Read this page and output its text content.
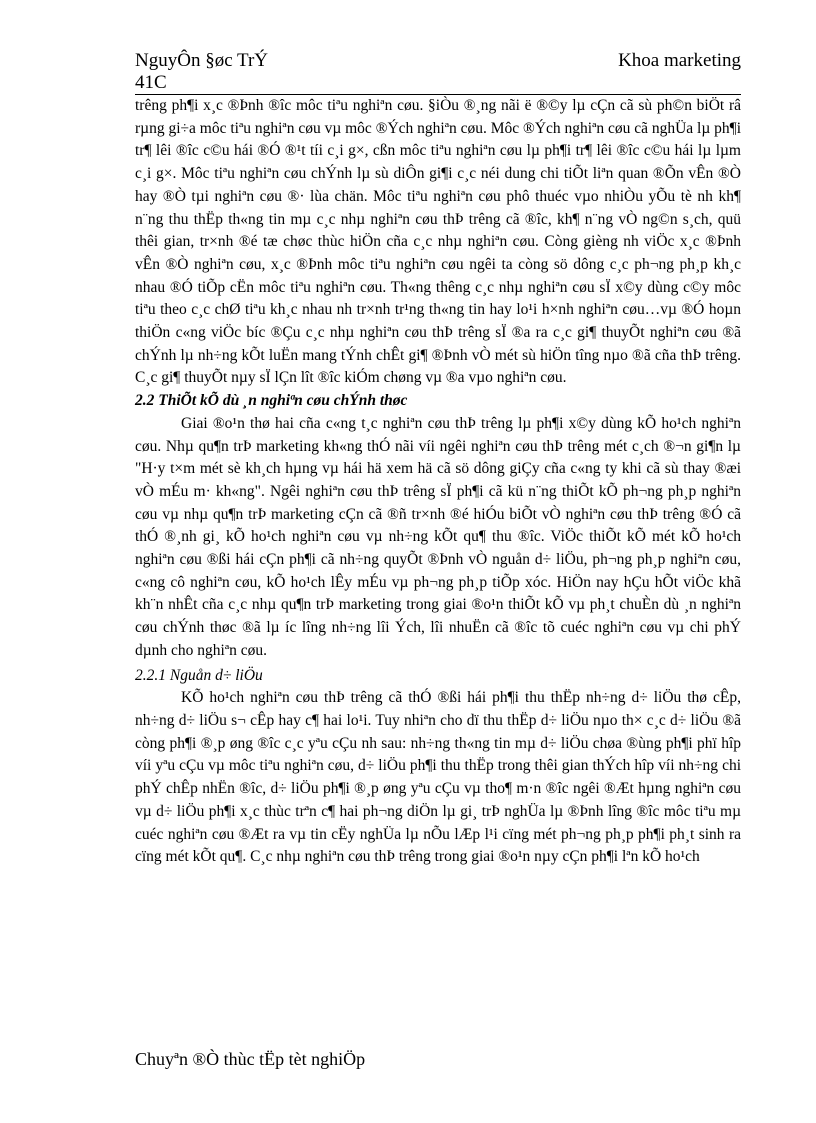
NguyÔn §øc TrÝ
41C
Khoa marketing

trêng ph¶i x¸c ®Þnh ®îc môc tiªu nghiªn cøu. §iÒu ®¸ng nãi ë ®©y lµ cÇn cã sù ph©n biÖt râ rµng gi÷a môc tiªu nghiªn cøu vµ môc ®Ých nghiªn cøu. Môc ®Ých nghiªn cøu cã nghÜa lµ ph¶i tr¶ lêi ®îc c©u hái ®Ó ®¹t tíi c¸i g×, cßn môc tiªu nghiªn cøu lµ ph¶i tr¶ lêi ®îc c©u hái lµ lµm c¸i g×. Môc tiªu nghiªn cøu chÝnh lµ sù diÔn gi¶i c¸c néi dung chi tiÕt liªn quan ®Õn vÊn ®Ò hay ®Ò tµi nghiªn cøu ®· lùa chän. Môc tiªu nghiªn cøu phô thuéc vµo nhiÒu yÕu tè nh kh¶ n¨ng thu thËp th«ng tin mµ c¸c nhµ nghiªn cøu thÞ trêng cã ®îc, kh¶ n¨ng vÒ ng©n s¸ch, quü thêi gian, tr×nh ®é tæ chøc thùc hiÖn cña c¸c nhµ nghiªn cøu. Còng gièng nh viÖc x¸c ®Þnh vÊn ®Ò nghiªn cøu, x¸c ®Þnh môc tiªu nghiªn cøu ngêi ta còng sö dông c¸c ph¬ng ph¸p kh¸c nhau ®Ó tiÕp cËn môc tiªu nghiªn cøu. Th«ng thêng c¸c nhµ nghiªn cøu sÏ x©y dùng c©y môc tiªu theo c¸c chØ tiªu kh¸c nhau nh tr×nh tr¹ng th«ng tin hay lo¹i h×nh nghiªn cøu…vµ ®Ó hoµn thiÖn c«ng viÖc bíc ®Çu c¸c nhµ nghiªn cøu thÞ trêng sÏ ®a ra c¸c gi¶ thuyÕt nghiªn cøu ®ã chÝnh lµ nh÷ng kÕt luËn mang tÝnh chÊt gi¶ ®Þnh vÒ mét sù hiÖn tîng nµo ®ã cña thÞ trêng. C¸c gi¶ thuyÕt nµy sÏ lÇn lît ®îc kiÓm chøng vµ ®a vµo nghiªn cøu.

2.2 ThiÕt kÕ dù ¸n nghiªn cøu chÝnh thøc

Giai ®o¹n thø hai cña c«ng t¸c nghiªn cøu thÞ trêng lµ ph¶i x©y dùng kÕ ho¹ch nghiªn cøu. Nhµ qu¶n trÞ marketing kh«ng thÓ nãi víi ngêi nghiªn cøu thÞ trêng mét c¸ch ®¬n gi¶n lµ "H·y t×m mét sè kh¸ch hµng vµ hái hä xem hä cã sö dông giÇy cña c«ng ty khi cã sù thay ®æi vÒ mÉu m· kh«ng". Ngêi nghiªn cøu thÞ trêng sÏ ph¶i cã kü n¨ng thiÕt kÕ ph¬ng ph¸p nghiªn cøu vµ nhµ qu¶n trÞ marketing cÇn cã ®ñ tr×nh ®é hiÓu biÕt vÒ nghiªn cøu thÞ trêng ®Ó cã thÓ ®¸nh gi¸ kÕ ho¹ch nghiªn cøu vµ nh÷ng kÕt qu¶ thu ®îc. ViÖc thiÕt kÕ mét kÕ ho¹ch nghiªn cøu ®ßi hái cÇn ph¶i cã nh÷ng quyÕt ®Þnh vÒ nguån d÷ liÖu, ph¬ng ph¸p nghiªn cøu, c«ng cô nghiªn cøu, kÕ ho¹ch lÊy mÉu vµ ph¬ng ph¸p tiÕp xóc. HiÖn nay hÇu hÕt viÖc khã kh¨n nhÊt cña c¸c nhµ qu¶n trÞ marketing trong giai ®o¹n thiÕt kÕ vµ ph¸t chuÈn dù ¸n nghiªn cøu chÝnh thøc ®ã lµ íc lîng nh÷ng lîi Ých, lîi nhuËn cã ®îc tõ cuéc nghiªn cøu vµ chi phÝ dµnh cho nghiªn cøu.

2.2.1 Nguån d÷ liÖu

KÕ ho¹ch nghiªn cøu thÞ trêng cã thÓ ®ßi hái ph¶i thu thËp nh÷ng d÷ liÖu thø cÊp, nh÷ng d÷ liÖu s¬ cÊp hay c¶ hai lo¹i. Tuy nhiªn cho dï thu thËp d÷ liÖu nµo th× c¸c d÷ liÖu ®ã còng ph¶i ®¸p øng ®îc c¸c yªu cÇu nh sau: nh÷ng th«ng tin mµ d÷ liÖu chøa ®ùng ph¶i phï hîp víi yªu cÇu vµ môc tiªu nghiªn cøu, d÷ liÖu ph¶i thu thËp trong thêi gian thÝch hîp víi nh÷ng chi phÝ chÊp nhËn ®îc, d÷ liÖu ph¶i ®¸p øng yªu cÇu vµ tho¶ m·n ®îc ngêi ®Æt hµng nghiªn cøu vµ d÷ liÖu ph¶i x¸c thùc trªn c¶ hai ph¬ng diÖn lµ gi¸ trÞ nghÜa lµ ®Þnh lîng ®îc môc tiªu mµ cuéc nghiªn cøu ®Æt ra vµ tin cËy nghÜa lµ nÕu lÆp l¹i cïng mét ph¬ng ph¸p ph¶i ph¸t sinh ra cïng mét kÕt qu¶. C¸c nhµ nghiªn cøu thÞ trêng trong giai ®o¹n nµy cÇn ph¶i lªn kÕ ho¹ch

Chuyªn ®Ò thùc tËp tèt nghiÖp
